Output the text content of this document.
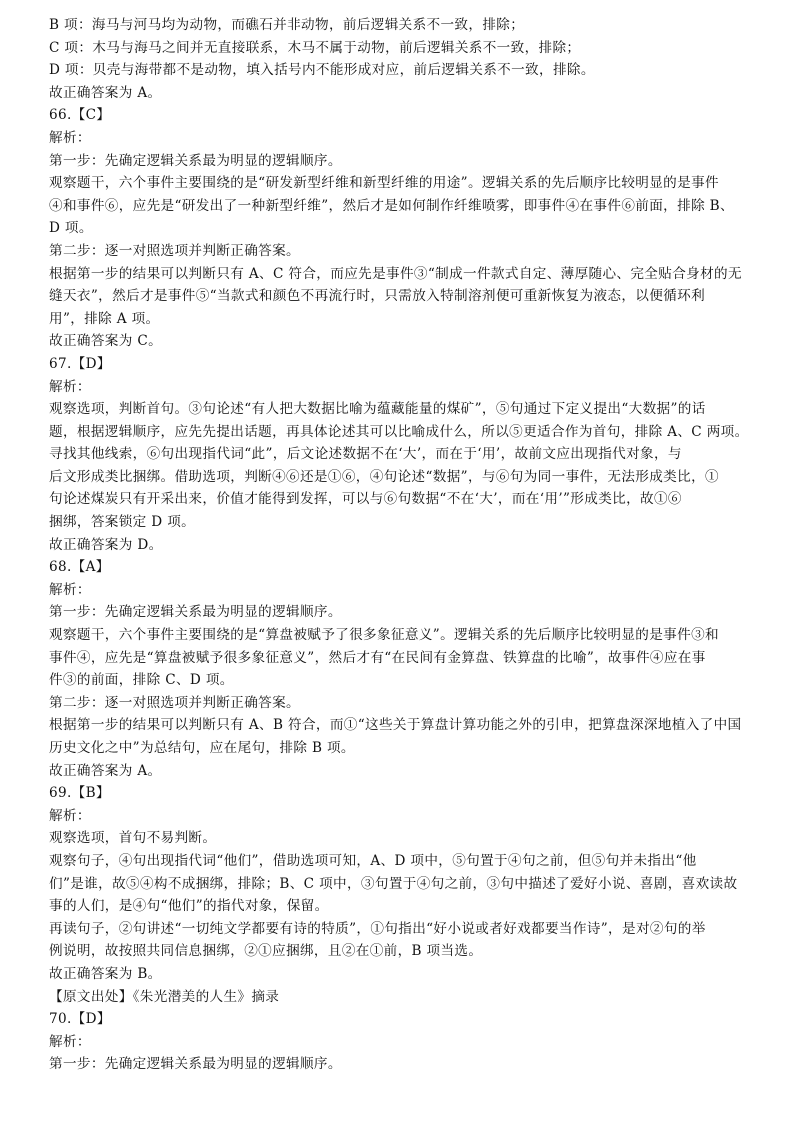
B 项：海马与河马均为动物，而礁石并非动物，前后逻辑关系不一致，排除；
C 项：木马与海马之间并无直接联系，木马不属于动物，前后逻辑关系不一致，排除；
D 项：贝壳与海带都不是动物，填入括号内不能形成对应，前后逻辑关系不一致，排除。
故正确答案为 A。
66.【C】
解析：
第一步：先确定逻辑关系最为明显的逻辑顺序。
观察题干，六个事件主要围绕的是“研发新型纤维和新型纤维的用途”。逻辑关系的先后顺序比较明显的是事件
④和事件⑥，应先是“研发出了一种新型纤维”，然后才是如何制作纤维喷雾，即事件④在事件⑥前面，排除 B、
D 项。
第二步：逐一对照选项并判断正确答案。
根据第一步的结果可以判断只有 A、C 符合，而应先是事件③“制成一件款式自定、薄厚随心、完全贴合身材的无
缝天衣”，然后才是事件⑤“当款式和颜色不再流行时，只需放入特制溶剂便可重新恢复为液态，以便循环利
用”，排除 A 项。
故正确答案为 C。
67.【D】
解析：
观察选项，判断首句。③句论述“有人把大数据比喻为蕴藏能量的煤矿”，⑤句通过下定义提出“大数据”的话
题，根据逻辑顺序，应先先提出话题，再具体论述其可以比喻成什么，所以⑤更适合作为首句，排除 A、C 两项。
寻找其他线索，⑥句出现指代词“此”，后文论述数据不在‘大’，而在于‘用’，故前文应出现指代对象，与
后文形成类比捆绑。借助选项，判断④⑥还是①⑥，④句论述“数据”，与⑥句为同一事件，无法形成类比，①
句论述煤炭只有开采出来，价值才能得到发挥，可以与⑥句数据“不在‘大’，而在‘用’”形成类比，故①⑥
捆绑，答案锁定 D 项。
故正确答案为 D。
68.【A】
解析：
第一步：先确定逻辑关系最为明显的逻辑顺序。
观察题干，六个事件主要围绕的是“算盘被赋予了很多象征意义”。逻辑关系的先后顺序比较明显的是事件③和
事件④，应先是“算盘被赋予很多象征意义”，然后才有“在民间有金算盘、铁算盘的比喻”，故事件④应在事
件③的前面，排除 C、D 项。
第二步：逐一对照选项并判断正确答案。
根据第一步的结果可以判断只有 A、B 符合，而①“这些关于算盘计算功能之外的引申，把算盘深深地植入了中国
历史文化之中”为总结句，应在尾句，排除 B 项。
故正确答案为 A。
69.【B】
解析：
观察选项，首句不易判断。
观察句子，④句出现指代词“他们”，借助选项可知，A、D 项中，⑤句置于④句之前，但⑤句并未指出“他
们”是谁，故⑤④构不成捆绑，排除；B、C 项中，③句置于④句之前，③句中描述了爱好小说、喜剧，喜欢读故
事的人们，是④句“他们”的指代对象，保留。
再读句子，②句讲述“一切纯文学都要有诗的特质”，①句指出“好小说或者好戏都要当作诗”，是对②句的举
例说明，故按照共同信息捆绑，②①应捆绑，且②在①前，B 项当选。
故正确答案为 B。
【原文出处】《朱光潜美的人生》摘录
70.【D】
解析：
第一步：先确定逻辑关系最为明显的逻辑顺序。
